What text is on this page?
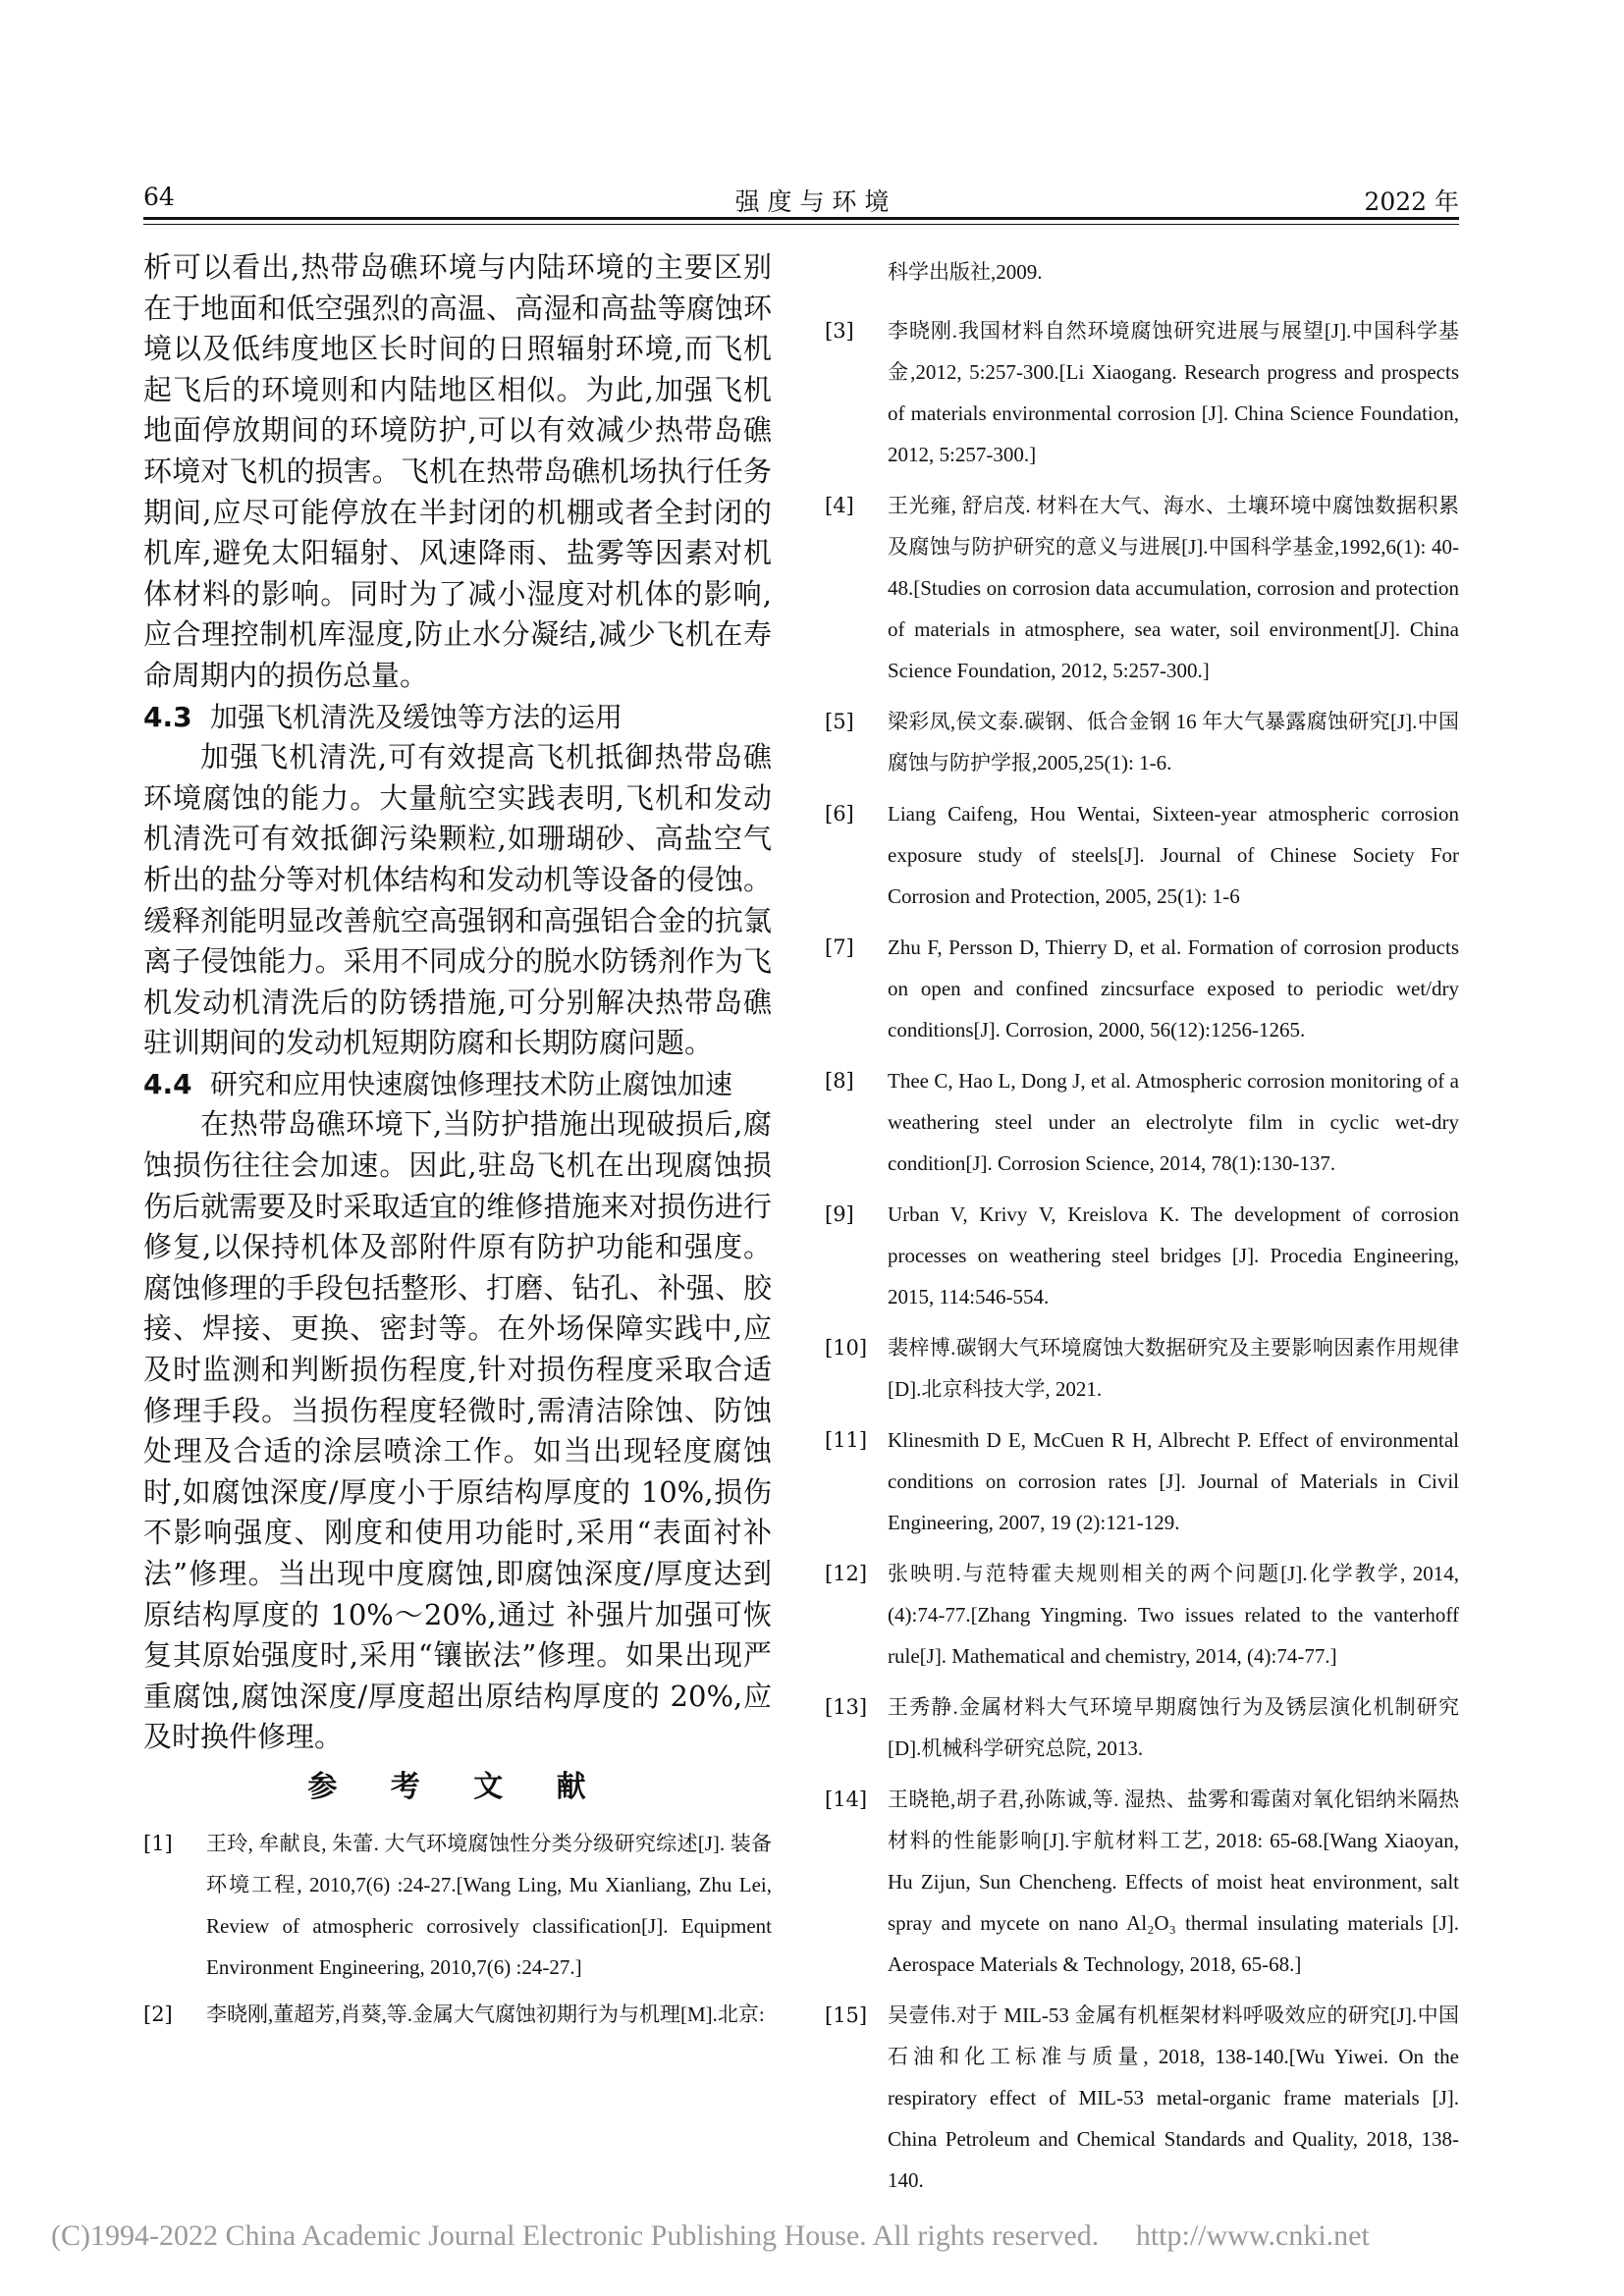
64	强 度 与 环 境	2022 年

析可以看出,热带岛礁环境与内陆环境的主要区别在于地面和低空强烈的高温、高湿和高盐等腐蚀环境以及低纬度地区长时间的日照辐射环境,而飞机起飞后的环境则和内陆地区相似。为此,加强飞机地面停放期间的环境防护,可以有效减少热带岛礁环境对飞机的损害。飞机在热带岛礁机场执行任务期间,应尽可能停放在半封闭的机棚或者全封闭的机库,避免太阳辐射、风速降雨、盐雾等因素对机体材料的影响。同时为了减小湿度对机体的影响,应合理控制机库湿度,防止水分凝结,减少飞机在寿命周期内的损伤总量。

4.3 加强飞机清洗及缓蚀等方法的运用

加强飞机清洗,可有效提高飞机抵御热带岛礁环境腐蚀的能力。大量航空实践表明,飞机和发动机清洗可有效抵御污染颗粒,如珊瑚砂、高盐空气析出的盐分等对机体结构和发动机等设备的侵蚀。缓释剂能明显改善航空高强钢和高强铝合金的抗氯离子侵蚀能力。采用不同成分的脱水防锈剂作为飞机发动机清洗后的防锈措施,可分别解决热带岛礁驻训期间的发动机短期防腐和长期防腐问题。

4.4 研究和应用快速腐蚀修理技术防止腐蚀加速

在热带岛礁环境下,当防护措施出现破损后,腐蚀损伤往往会加速。因此,驻岛飞机在出现腐蚀损伤后就需要及时采取适宜的维修措施来对损伤进行修复,以保持机体及部附件原有防护功能和强度。腐蚀修理的手段包括整形、打磨、钻孔、补强、胶接、焊接、更换、密封等。在外场保障实践中,应及时监测和判断损伤程度,针对损伤程度采取合适修理手段。当损伤程度轻微时,需清洁除蚀、防蚀处理及合适的涂层喷涂工作。如当出现轻度腐蚀时,如腐蚀深度/厚度小于原结构厚度的 10%,损伤不影响强度、刚度和使用功能时,采用“表面衬补法”修理。当出现中度腐蚀,即腐蚀深度/厚度达到原结构厚度的 10%～20%,通过 补强片加强可恢复其原始强度时,采用“镶嵌法”修理。如果出现严重腐蚀,腐蚀深度/厚度超出原结构厚度的 20%,应及时换件修理。

参 考 文 献
[1] 王玲, 牟献良, 朱蕾. 大气环境腐蚀性分类分级研究综述[J]. 装备环境工程, 2010,7(6) :24-27.[Wang Ling, Mu Xianliang, Zhu Lei, Review of atmospheric corrosively classification[J]. Equipment Environment Engineering, 2010,7(6) :24-27.]
[2] 李晓刚,董超芳,肖葵,等.金属大气腐蚀初期行为与机理[M].北京:
科学出版社,2009.
[3] 李晓刚.我国材料自然环境腐蚀研究进展与展望[J].中国科学基金,2012, 5:257-300.[Li Xiaogang. Research progress and prospects of materials environmental corrosion [J]. China Science Foundation, 2012, 5:257-300.]
[4] 王光雍, 舒启茂. 材料在大气、海水、土壤环境中腐蚀数据积累及腐蚀与防护研究的意义与进展[J].中国科学基金,1992,6(1): 40-48.[Studies on corrosion data accumulation, corrosion and protection of materials in atmosphere, sea water, soil environment[J]. China Science Foundation, 2012, 5:257-300.]
[5] 梁彩凤,侯文泰.碳钢、低合金钢 16 年大气暴露腐蚀研究[J].中国腐蚀与防护学报,2005,25(1): 1-6.
[6] Liang Caifeng, Hou Wentai, Sixteen-year atmospheric corrosion exposure study of steels[J]. Journal of Chinese Society For Corrosion and Protection, 2005, 25(1): 1-6
[7] Zhu F, Persson D, Thierry D, et al. Formation of corrosion products on open and confined zincsurface exposed to periodic wet/dry conditions[J]. Corrosion, 2000, 56(12):1256-1265.
[8] Thee C, Hao L, Dong J, et al. Atmospheric corrosion monitoring of a weathering steel under an electrolyte film in cyclic wet-dry condition[J]. Corrosion Science, 2014, 78(1):130-137.
[9] Urban V, Krivy V, Kreislova K. The development of corrosion processes on weathering steel bridges [J]. Procedia Engineering, 2015, 114:546-554.
[10] 裴梓博.碳钢大气环境腐蚀大数据研究及主要影响因素作用规律[D].北京科技大学, 2021.
[11] Klinesmith D E, McCuen R H, Albrecht P. Effect of environmental conditions on corrosion rates [J]. Journal of Materials in Civil Engineering, 2007, 19 (2):121-129.
[12] 张映明.与范特霍夫规则相关的两个问题[J].化学教学, 2014,(4):74-77.[Zhang Yingming. Two issues related to the vanterhoff rule[J]. Mathematical and chemistry, 2014, (4):74-77.]
[13] 王秀静.金属材料大气环境早期腐蚀行为及锈层演化机制研究[D].机械科学研究总院, 2013.
[14] 王晓艳,胡子君,孙陈诚,等. 湿热、盐雾和霉菌对氧化铝纳米隔热材料的性能影响[J].宇航材料工艺, 2018: 65-68.[Wang Xiaoyan, Hu Zijun, Sun Chencheng. Effects of moist heat environment, salt spray and mycete on nano Al₂O₃ thermal insulating materials [J]. Aerospace Materials & Technology, 2018, 65-68.]
[15] 吴壹伟.对于 MIL-53 金属有机框架材料呼吸效应的研究[J].中国石油和化工标准与质量, 2018, 138-140.[Wu Yiwei. On the respiratory effect of MIL-53 metal-organic frame materials [J]. China Petroleum and Chemical Standards and Quality, 2018, 138-140.
(C)1994-2022 China Academic Journal Electronic Publishing House. All rights reserved. http://www.cnki.net
